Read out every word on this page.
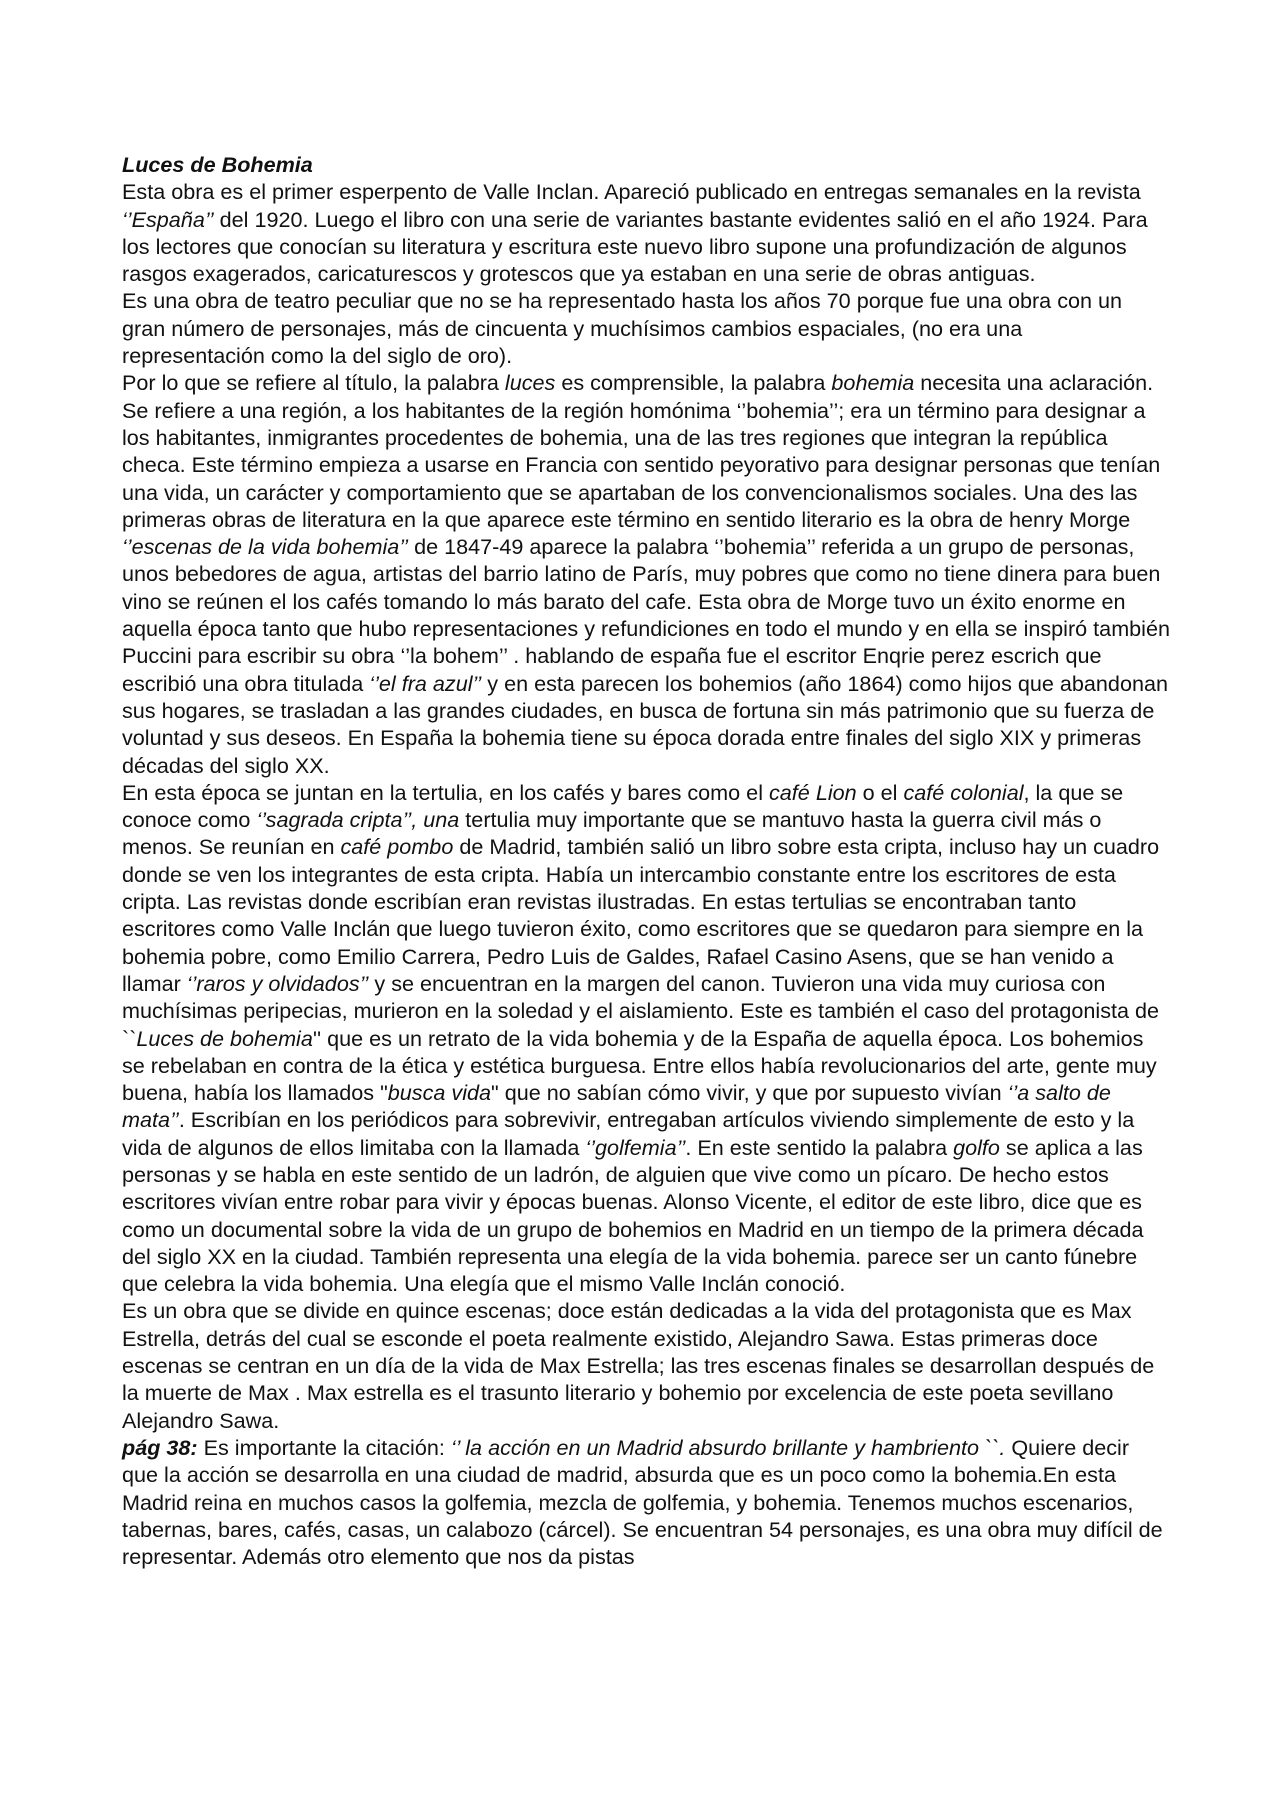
Luces de Bohemia

Esta obra es el primer esperpento de Valle Inclan. Apareció publicado en entregas semanales en la revista ‘’España’’ del 1920. Luego el libro con una serie de variantes bastante evidentes salió en el año 1924. Para los lectores que conocían su literatura y escritura este nuevo libro supone una profundización de algunos rasgos exagerados, caricaturescos y grotescos que ya estaban en una serie de obras antiguas.

Es una obra de teatro peculiar que no se ha representado hasta los años 70 porque fue una obra con un gran número de personajes, más de cincuenta y muchísimos cambios espaciales, (no era una representación como la del siglo de oro).

Por lo que se refiere al título, la palabra luces es comprensible, la palabra bohemia necesita una aclaración. Se refiere a una región, a los habitantes de la región homónima ‘’bohemia’’; era un término para designar a los habitantes, inmigrantes procedentes de bohemia, una de las tres regiones que integran la república checa. Este término empieza a usarse en Francia con sentido peyorativo para designar personas que tenían una vida, un carácter y comportamiento que se apartaban de los convencionalismos sociales. Una des las primeras obras de literatura en la que aparece este término en sentido literario es la obra de henry Morge ‘’escenas de la vida bohemia’’ de 1847-49 aparece la palabra ‘’bohemia’’ referida a un grupo de personas, unos bebedores de agua, artistas del barrio latino de París, muy pobres que como no tiene dinera para buen vino se reúnen el los cafés tomando lo más barato del cafe. Esta obra de Morge tuvo un éxito enorme en aquella época tanto que hubo representaciones y refundiciones en todo el mundo y en ella se inspiró también Puccini para escribir su obra ‘’la bohem’’ . hablando de españa fue el escritor Enqrie perez escrich que escribió una obra titulada ‘’el fra azul’’ y en esta parecen los bohemios (año 1864) como hijos que abandonan sus hogares, se trasladan a las grandes ciudades, en busca de fortuna sin más patrimonio que su fuerza de voluntad y sus deseos. En España la bohemia tiene su época dorada entre finales del siglo XIX y primeras décadas del siglo XX.

En esta época se juntan en la tertulia, en los cafés y bares como el café Lion o el café colonial, la que se conoce como ‘’sagrada cripta’’, una tertulia muy importante que se mantuvo hasta la guerra civil más o menos. Se reunían en café pombo de Madrid, también salió un libro sobre esta cripta, incluso hay un cuadro donde se ven los integrantes de esta cripta. Había un intercambio constante entre los escritores de esta cripta. Las revistas donde escribían eran revistas ilustradas. En estas tertulias se encontraban tanto escritores como Valle Inclán que luego tuvieron éxito, como escritores que se quedaron para siempre en la bohemia pobre, como Emilio Carrera, Pedro Luis de Galdes, Rafael Casino Asens, que se han venido a llamar ‘’raros y olvidados’’ y se encuentran en la margen del canon. Tuvieron una vida muy curiosa con muchísimas peripecias, murieron en la soledad y el aislamiento. Este es también el caso del protagonista de ``Luces de bohemia'' que es un retrato de la vida bohemia y de la España de aquella época. Los bohemios se rebelaban en contra de la ética y estética burguesa. Entre ellos había revolucionarios del arte, gente muy buena, había los llamados "busca vida" que no sabían cómo vivir, y que por supuesto vivían ‘’a salto de mata’’. Escribían en los periódicos para sobrevivir, entregaban artículos viviendo simplemente de esto y la vida de algunos de ellos limitaba con la llamada ‘’golfemia’’. En este sentido la palabra golfo se aplica a las personas y se habla en este sentido de un ladrón, de alguien que vive como un pícaro. De hecho estos escritores vivían entre robar para vivir y épocas buenas. Alonso Vicente, el editor de este libro, dice que es como un documental sobre la vida de un grupo de bohemios en Madrid en un tiempo de la primera década del siglo XX en la ciudad. También representa una elegía de la vida bohemia. parece ser un canto fúnebre que celebra la vida bohemia. Una elegía que el mismo Valle Inclán conoció.

Es un obra que se divide en quince escenas; doce están dedicadas a la vida del protagonista que es Max Estrella, detrás del cual se esconde el poeta realmente existido, Alejandro Sawa. Estas primeras doce escenas se centran en un día de la vida de Max Estrella; las tres escenas finales se desarrollan después de la muerte de Max . Max estrella es el trasunto literario y bohemio por excelencia de este poeta sevillano Alejandro Sawa.

pág 38: Es importante la citación: ‘’ la acción en un Madrid absurdo brillante y hambriento ``. Quiere decir que la acción se desarrolla en una ciudad de madrid, absurda que es un poco como la bohemia.En esta Madrid reina en muchos casos la golfemia, mezcla de golfemia, y bohemia. Tenemos muchos escenarios, tabernas, bares, cafés, casas, un calabozo (cárcel). Se encuentran 54 personajes, es una obra muy difícil de representar. Además otro elemento que nos da pistas
